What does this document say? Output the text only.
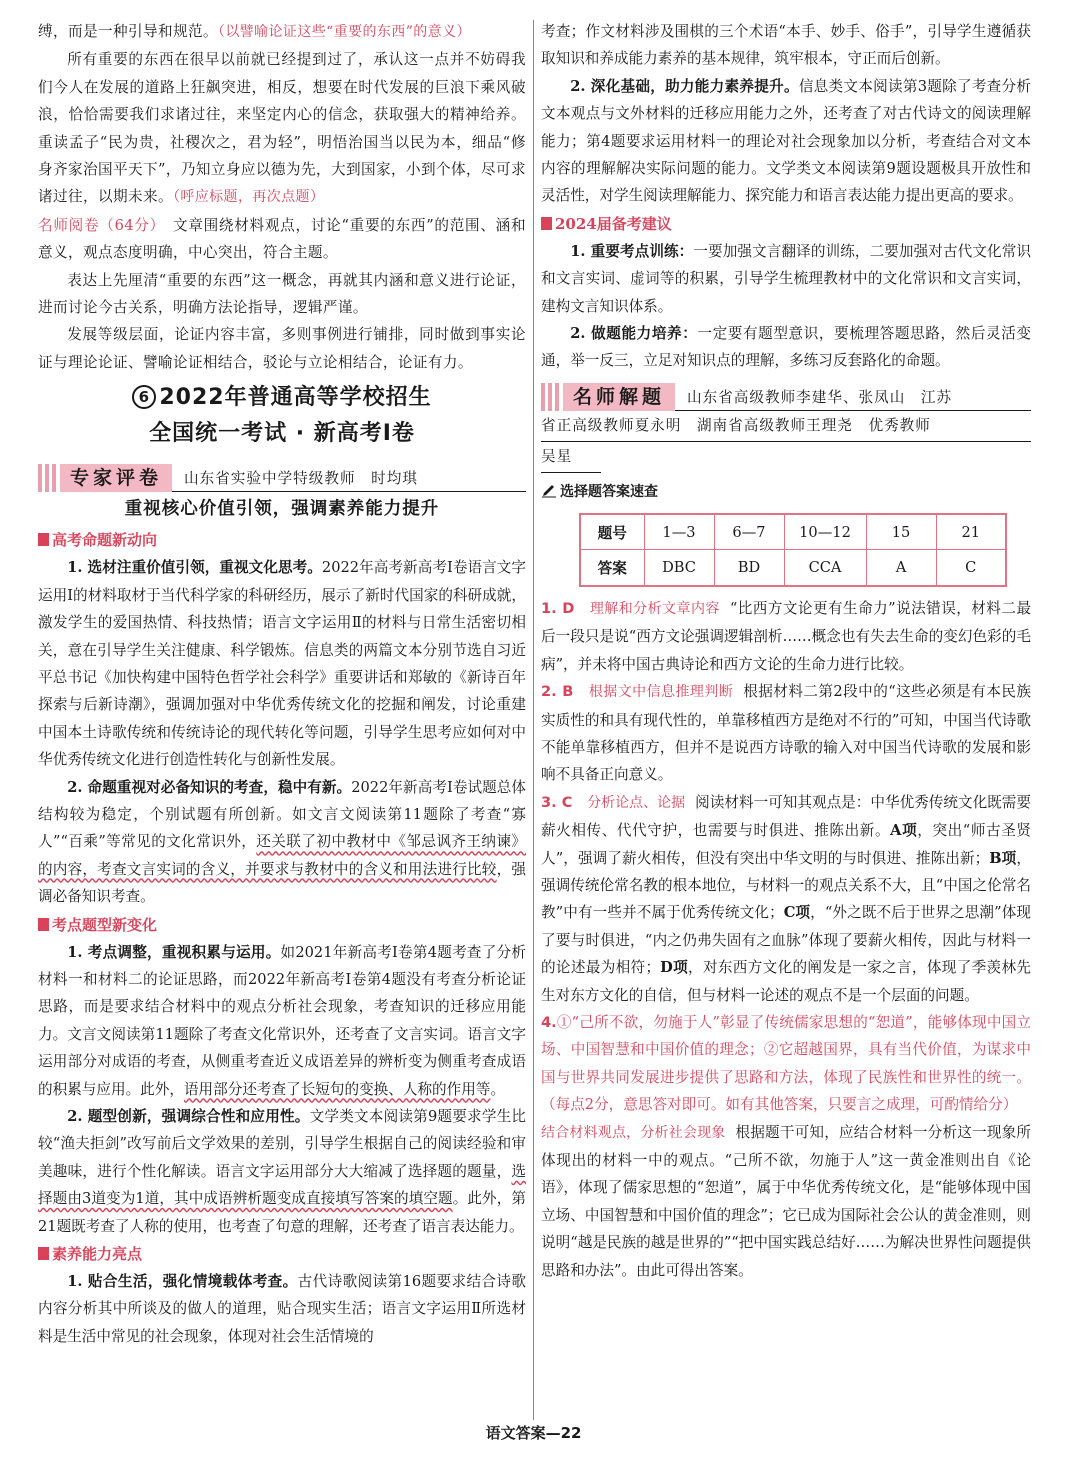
缚，而是一种引导和规范。（以譬喻论证这些“重要的东西”的意义）

所有重要的东西在很早以前就已经提到过了，承认这一点并不妨碍我们今人在发展的道路上狂飙突进，相反，想要在时代发展的巨浪下乘风破浪，恰恰需要我们求诸过往，来坚定内心的信念，获取强大的精神给养。重读孟子“民为贵，社稷次之，君为轻”，明悟治国当以民为本，细品“修身齐家治国平天下”，乃知立身应以德为先，大到国家，小到个体，尽可求诸过往，以期未来。（呼应标题，再次点题）

名师阅卷（64分）　 文章围绕材料观点，讨论“重要的东西”的范围、涵和意义，观点态度明确，中心突出，符合主题。

表达上先厘清“重要的东西”这一概念，再就其内涵和意义进行论证，进而讨论今古关系，明确方法论指导，逻辑严谨。

发展等级层面，论证内容丰富，多则事例进行铺排，同时做到事实论证与理论论证、譬喻论证相结合，驳论与立论相结合，论证有力。

6 2022年普通高等学校招生
全国统一考试 · 新高考Ⅰ卷
专家评卷	山东省实验中学特级教师　时均琪
重视核心价值引领，强调素养能力提升
高考命题新动向

1. 选材注重价值引领，重视文化思考。2022年高考新高考Ⅰ卷语言文字运用Ⅰ的材料取材于当代科学家的科研经历，展示了新时代国家的科研成就，激发学生的爱国热情、科技热情；语言文字运用Ⅱ的材料与日常生活密切相关，意在引导学生关注健康、科学锻炼。信息类的两篇文本分别节选自习近平总书记《加快构建中国特色哲学社会科学》重要讲话和郑敏的《新诗百年探索与后新诗潮》，强调加强对中华优秀传统文化的挖掘和阐发，讨论重建中国本土诗歌传统和传统诗论的现代转化等问题，引导学生思考应如何对中华优秀传统文化进行创造性转化与创新性发展。

2. 命题重视对必备知识的考查，稳中有新。2022年新高考Ⅰ卷试题总体结构较为稳定，个别试题有所创新。如文言文阅读第11题除了考查“寡人”“百乘”等常见的文化常识外，还关联了初中教材中《邹忌讽齐王纳谏》的内容，考查文言实词的含义，并要求与教材中的含义和用法进行比较，强调必备知识考查。

考点题型新变化

1. 考点调整，重视积累与运用。如2021年新高考Ⅰ卷第4题考查了分析材料一和材料二的论证思路，而2022年新高考Ⅰ卷第4题没有考查分析论证思路，而是要求结合材料中的观点分析社会现象，考查知识的迁移应用能力。文言文阅读第11题除了考查文化常识外，还考查了文言实词。语言文字运用部分对成语的考查，从侧重考查近义成语差异的辨析变为侧重考查成语的积累与应用。此外，语用部分还考查了长短句的变换、人称的作用等。

2. 题型创新，强调综合性和应用性。文学类文本阅读第9题要求学生比较“渔夫拒剑”改写前后文学效果的差别，引导学生根据自己的阅读经验和审美趣味，进行个性化解读。语言文字运用部分大大缩减了选择题的题量，选择题由3道变为1道，其中成语辨析题变成直接填写答案的填空题。此外，第21题既考查了人称的使用，也考查了句意的理解，还考查了语言表达能力。

素养能力亮点

1. 贴合生活，强化情境载体考查。古代诗歌阅读第16题要求结合诗歌内容分析其中所谈及的做人的道理，贴合现实生活；语言文字运用Ⅱ所选材料是生活中常见的社会现象，体现对社会生活情境的

考查；作文材料涉及围棋的三个术语“本手、妙手、俗手”，引导学生遵循获取知识和养成能力素养的基本规律，筑牢根本，守正而后创新。

2. 深化基础，助力能力素养提升。信息类文本阅读第3题除了考查分析文本观点与文外材料的迁移应用能力之外，还考查了对古代诗文的阅读理解能力；第4题要求运用材料一的理论对社会现象加以分析，考查结合对文本内容的理解解决实际问题的能力。文学类文本阅读第9题设题极具开放性和灵活性，对学生阅读理解能力、探究能力和语言表达能力提出更高的要求。

2024届备考建议

1. 重要考点训练：一要加强文言翻译的训练，二要加强对古代文化常识和文言实词、虚词等的积累，引导学生梳理教材中的文化常识和文言实词，建构文言知识体系。

2. 做题能力培养：一定要有题型意识，要梳理答题思路，然后灵活变通，举一反三，立足对知识点的理解，多练习反套路化的命题。

名师解题	山东省高级教师李建华、张凤山　江苏
省正高级教师夏永明　湖南省高级教师王理尧　优秀教师
吴星
选择题答案速查
题号	1—3	6—7	10—12	15	21
答案	DBC	BD	CCA	A	C

1. D　 理解和分析文章内容 “比西方文论更有生命力”说法错误，材料二最后一段只是说“西方文论强调逻辑剖析……概念也有失去生命的变幻色彩的毛病”，并未将中国古典诗论和西方文论的生命力进行比较。

2. B　 根据文中信息推理判断 根据材料二第2段中的“这些必须是有本民族实质性的和具有现代性的，单靠移植西方是绝对不行的”可知，中国当代诗歌不能单靠移植西方，但并不是说西方诗歌的输入对中国当代诗歌的发展和影响不具备正向意义。

3. C　 分析论点、论据 阅读材料一可知其观点是：中华优秀传统文化既需要薪火相传、代代守护，也需要与时俱进、推陈出新。A项，突出“师古圣贤人”，强调了薪火相传，但没有突出中华文明的与时俱进、推陈出新；B项，强调传统伦常名教的根本地位，与材料一的观点关系不大，且“中国之伦常名教”中有一些并不属于优秀传统文化；C项，“外之既不后于世界之思潮”体现了要与时俱进，“内之仍弗失固有之血脉”体现了要薪火相传，因此与材料一的论述最为相符；D项，对东西方文化的阐发是一家之言，体现了季羡林先生对东方文化的自信，但与材料一论述的观点不是一个层面的问题。

4.①“己所不欲，勿施于人”彰显了传统儒家思想的“恕道”，能够体现中国立场、中国智慧和中国价值的理念；②它超越国界，具有当代价值，为谋求中国与世界共同发展进步提供了思路和方法，体现了民族性和世界性的统一。（每点2分，意思答对即可。如有其他答案，只要言之成理，可酌情给分）

结合材料观点，分析社会现象 根据题干可知，应结合材料一分析这一现象所体现出的材料一中的观点。“己所不欲，勿施于人”这一黄金准则出自《论语》，体现了儒家思想的“恕道”，属于中华优秀传统文化，是“能够体现中国立场、中国智慧和中国价值的理念”；它已成为国际社会公认的黄金准则，则说明“越是民族的越是世界的”“把中国实践总结好……为解决世界性问题提供思路和办法”。由此可得出答案。

语文答案—22
